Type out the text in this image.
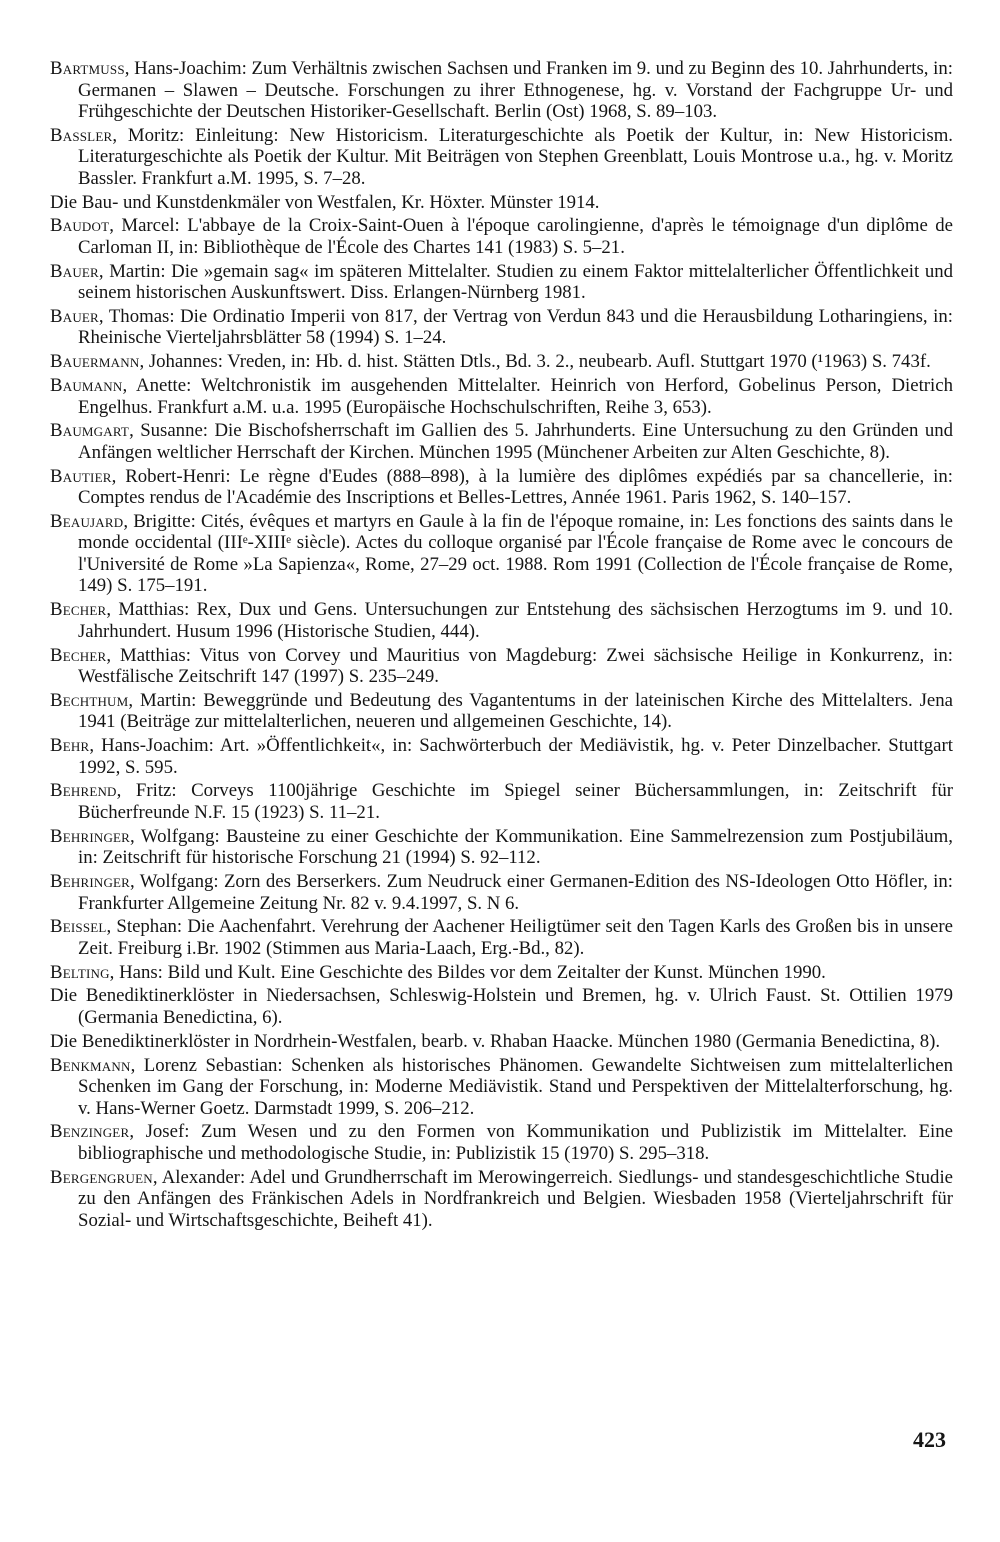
Bartmuss, Hans-Joachim: Zum Verhältnis zwischen Sachsen und Franken im 9. und zu Beginn des 10. Jahrhunderts, in: Germanen – Slawen – Deutsche. Forschungen zu ihrer Ethnogenese, hg. v. Vorstand der Fachgruppe Ur- und Frühgeschichte der Deutschen Historiker-Gesellschaft. Berlin (Ost) 1968, S. 89–103.
Bassler, Moritz: Einleitung: New Historicism. Literaturgeschichte als Poetik der Kultur, in: New Historicism. Literaturgeschichte als Poetik der Kultur. Mit Beiträgen von Stephen Greenblatt, Louis Montrose u.a., hg. v. Moritz Bassler. Frankfurt a.M. 1995, S. 7–28.
Die Bau- und Kunstdenkmäler von Westfalen, Kr. Höxter. Münster 1914.
Baudot, Marcel: L'abbaye de la Croix-Saint-Ouen à l'époque carolingienne, d'après le témoignage d'un diplôme de Carloman II, in: Bibliothèque de l'École des Chartes 141 (1983) S. 5–21.
Bauer, Martin: Die »gemain sag« im späteren Mittelalter. Studien zu einem Faktor mittelalterlicher Öffentlichkeit und seinem historischen Auskunftswert. Diss. Erlangen-Nürnberg 1981.
Bauer, Thomas: Die Ordinatio Imperii von 817, der Vertrag von Verdun 843 und die Herausbildung Lotharingiens, in: Rheinische Vierteljahrsblätter 58 (1994) S. 1–24.
Bauermann, Johannes: Vreden, in: Hb. d. hist. Stätten Dtls., Bd. 3. 2., neubearb. Aufl. Stuttgart 1970 (¹1963) S. 743f.
Baumann, Anette: Weltchronistik im ausgehenden Mittelalter. Heinrich von Herford, Gobelinus Person, Dietrich Engelhus. Frankfurt a.M. u.a. 1995 (Europäische Hochschulschriften, Reihe 3, 653).
Baumgart, Susanne: Die Bischofsherrschaft im Gallien des 5. Jahrhunderts. Eine Untersuchung zu den Gründen und Anfängen weltlicher Herrschaft der Kirchen. München 1995 (Münchener Arbeiten zur Alten Geschichte, 8).
Bautier, Robert-Henri: Le règne d'Eudes (888–898), à la lumière des diplômes expédiés par sa chancellerie, in: Comptes rendus de l'Académie des Inscriptions et Belles-Lettres, Année 1961. Paris 1962, S. 140–157.
Beaujard, Brigitte: Cités, évêques et martyrs en Gaule à la fin de l'époque romaine, in: Les fonctions des saints dans le monde occidental (IIIᵉ-XIIIᵉ siècle). Actes du colloque organisé par l'École française de Rome avec le concours de l'Université de Rome »La Sapienza«, Rome, 27–29 oct. 1988. Rom 1991 (Collection de l'École française de Rome, 149) S. 175–191.
Becher, Matthias: Rex, Dux und Gens. Untersuchungen zur Entstehung des sächsischen Herzogtums im 9. und 10. Jahrhundert. Husum 1996 (Historische Studien, 444).
Becher, Matthias: Vitus von Corvey und Mauritius von Magdeburg: Zwei sächsische Heilige in Konkurrenz, in: Westfälische Zeitschrift 147 (1997) S. 235–249.
Bechthum, Martin: Beweggründe und Bedeutung des Vagantentums in der lateinischen Kirche des Mittelalters. Jena 1941 (Beiträge zur mittelalterlichen, neueren und allgemeinen Geschichte, 14).
Behr, Hans-Joachim: Art. »Öffentlichkeit«, in: Sachwörterbuch der Mediävistik, hg. v. Peter Dinzelbacher. Stuttgart 1992, S. 595.
Behrend, Fritz: Corveys 1100jährige Geschichte im Spiegel seiner Büchersammlungen, in: Zeitschrift für Bücherfreunde N.F. 15 (1923) S. 11–21.
Behringer, Wolfgang: Bausteine zu einer Geschichte der Kommunikation. Eine Sammelrezension zum Postjubiläum, in: Zeitschrift für historische Forschung 21 (1994) S. 92–112.
Behringer, Wolfgang: Zorn des Berserkers. Zum Neudruck einer Germanen-Edition des NS-Ideologen Otto Höfler, in: Frankfurter Allgemeine Zeitung Nr. 82 v. 9.4.1997, S. N 6.
Beissel, Stephan: Die Aachenfahrt. Verehrung der Aachener Heiligtümer seit den Tagen Karls des Großen bis in unsere Zeit. Freiburg i.Br. 1902 (Stimmen aus Maria-Laach, Erg.-Bd., 82).
Belting, Hans: Bild und Kult. Eine Geschichte des Bildes vor dem Zeitalter der Kunst. München 1990.
Die Benediktinerklöster in Niedersachsen, Schleswig-Holstein und Bremen, hg. v. Ulrich Faust. St. Ottilien 1979 (Germania Benedictina, 6).
Die Benediktinerklöster in Nordrhein-Westfalen, bearb. v. Rhaban Haacke. München 1980 (Germania Benedictina, 8).
Benkmann, Lorenz Sebastian: Schenken als historisches Phänomen. Gewandelte Sichtweisen zum mittelalterlichen Schenken im Gang der Forschung, in: Moderne Mediävistik. Stand und Perspektiven der Mittelalterforschung, hg. v. Hans-Werner Goetz. Darmstadt 1999, S. 206–212.
Benzinger, Josef: Zum Wesen und zu den Formen von Kommunikation und Publizistik im Mittelalter. Eine bibliographische und methodologische Studie, in: Publizistik 15 (1970) S. 295–318.
Bergengruen, Alexander: Adel und Grundherrschaft im Merowingerreich. Siedlungs- und standesgeschichtliche Studie zu den Anfängen des Fränkischen Adels in Nordfrankreich und Belgien. Wiesbaden 1958 (Vierteljahrschrift für Sozial- und Wirtschaftsgeschichte, Beiheft 41).

423
